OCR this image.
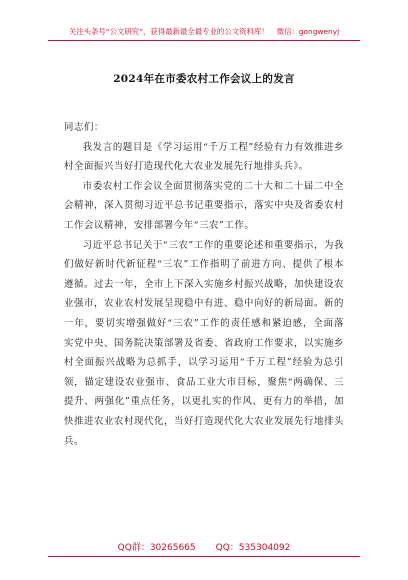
关注头条号“公文研究”，获得最新最全最专业的公文资料库！ 微信：gongwenyj
2024年在市委农村工作会议上的发言

同志们：

我发言的题目是《学习运用“千万工程”经验有力有效推进乡村全面振兴当好打造现代化大农业发展先行地排头兵》。

市委农村工作会议全面贯彻落实党的二十大和二十届二中全会精神，深入贯彻习近平总书记重要指示，落实中央及省委农村工作会议精神，安排部署今年“三农”工作。

习近平总书记关于“三农”工作的重要论述和重要指示，为我们做好新时代新征程“三农”工作指明了前进方向、提供了根本遵循。过去一年，全市上下深入实施乡村振兴战略，加快建设农业强市，农业农村发展呈现稳中有进、稳中向好的新局面。新的一年，要切实增强做好“三农”工作的责任感和紧迫感，全面落实党中央、国务院决策部署及省委、省政府工作要求，以实施乡村全面振兴战略为总抓手，以学习运用“千万工程”经验为总引领，锚定建设农业强市、食品工业大市目标，聚焦“两确保、三提升、两强化”重点任务，以更扎实的作风、更有力的举措，加快推进农业农村现代化，当好打造现代化大农业发展先行地排头兵。

QQ群：30265665 QQ：535304092
